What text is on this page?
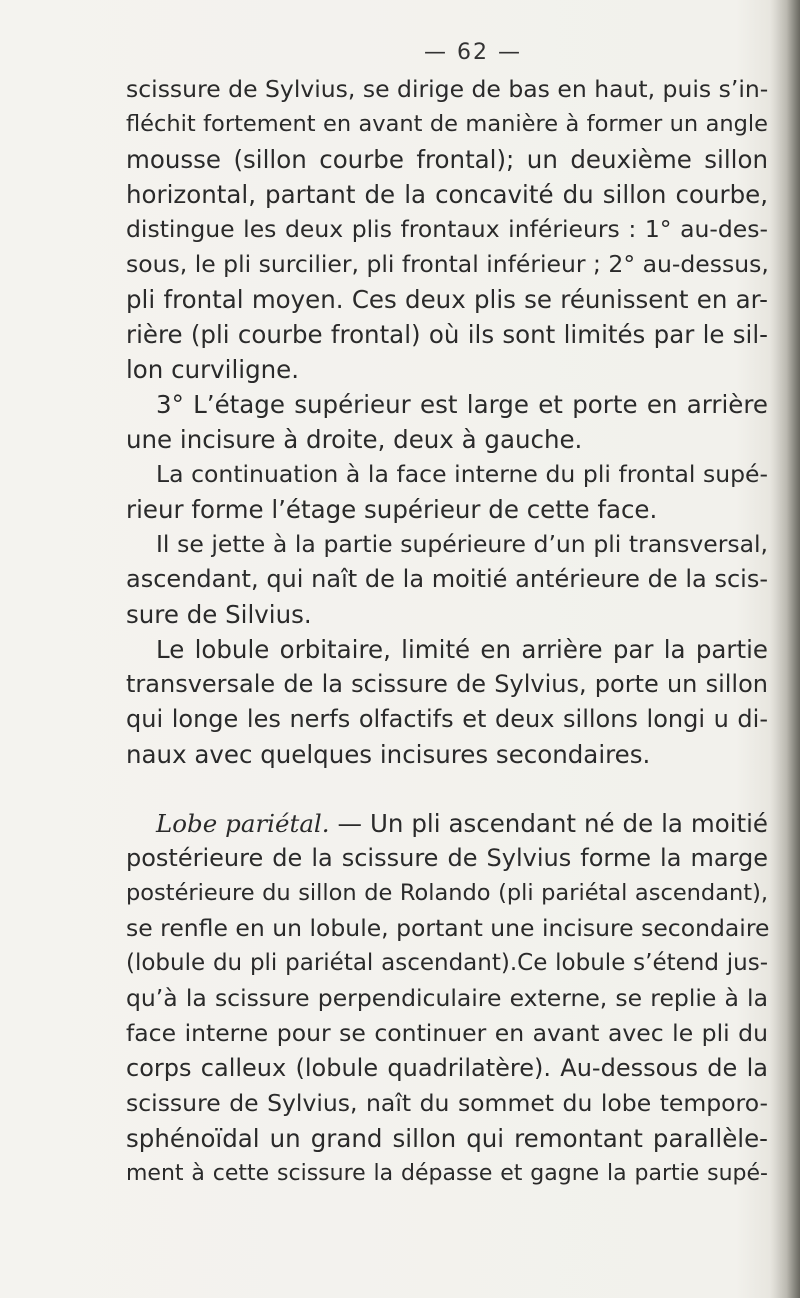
— 62 —
scissure de Sylvius, se dirige de bas en haut, puis s’in-
fléchit fortement en avant de manière à former un angle
mousse (sillon courbe frontal); un deuxième sillon
horizontal, partant de la concavité du sillon courbe,
distingue les deux plis frontaux inférieurs : 1° au-des-
sous, le pli surcilier, pli frontal inférieur ; 2° au-dessus,
pli frontal moyen. Ces deux plis se réunissent en ar-
rière (pli courbe frontal) où ils sont limités par le sil-
lon curviligne.
3° L’étage supérieur est large et porte en arrière
une incisure à droite, deux à gauche.
La continuation à la face interne du pli frontal supé-
rieur forme l’étage supérieur de cette face.
Il se jette à la partie supérieure d’un pli transversal,
ascendant, qui naît de la moitié antérieure de la scis-
sure de Silvius.
Le lobule orbitaire, limité en arrière par la partie
transversale de la scissure de Sylvius, porte un sillon
qui longe les nerfs olfactifs et deux sillons longi u di-
naux avec quelques incisures secondaires.
Lobe pariétal. — Un pli ascendant né de la moitié
postérieure de la scissure de Sylvius forme la marge
postérieure du sillon de Rolando (pli pariétal ascendant),
se renfle en un lobule, portant une incisure secondaire
(lobule du pli pariétal ascendant).Ce lobule s’étend jus-
qu’à la scissure perpendiculaire externe, se replie à la
face interne pour se continuer en avant avec le pli du
corps calleux (lobule quadrilatère). Au-dessous de la
scissure de Sylvius, naît du sommet du lobe temporo-
sphénoïdal un grand sillon qui remontant parallèle-
ment à cette scissure la dépasse et gagne la partie supé-
